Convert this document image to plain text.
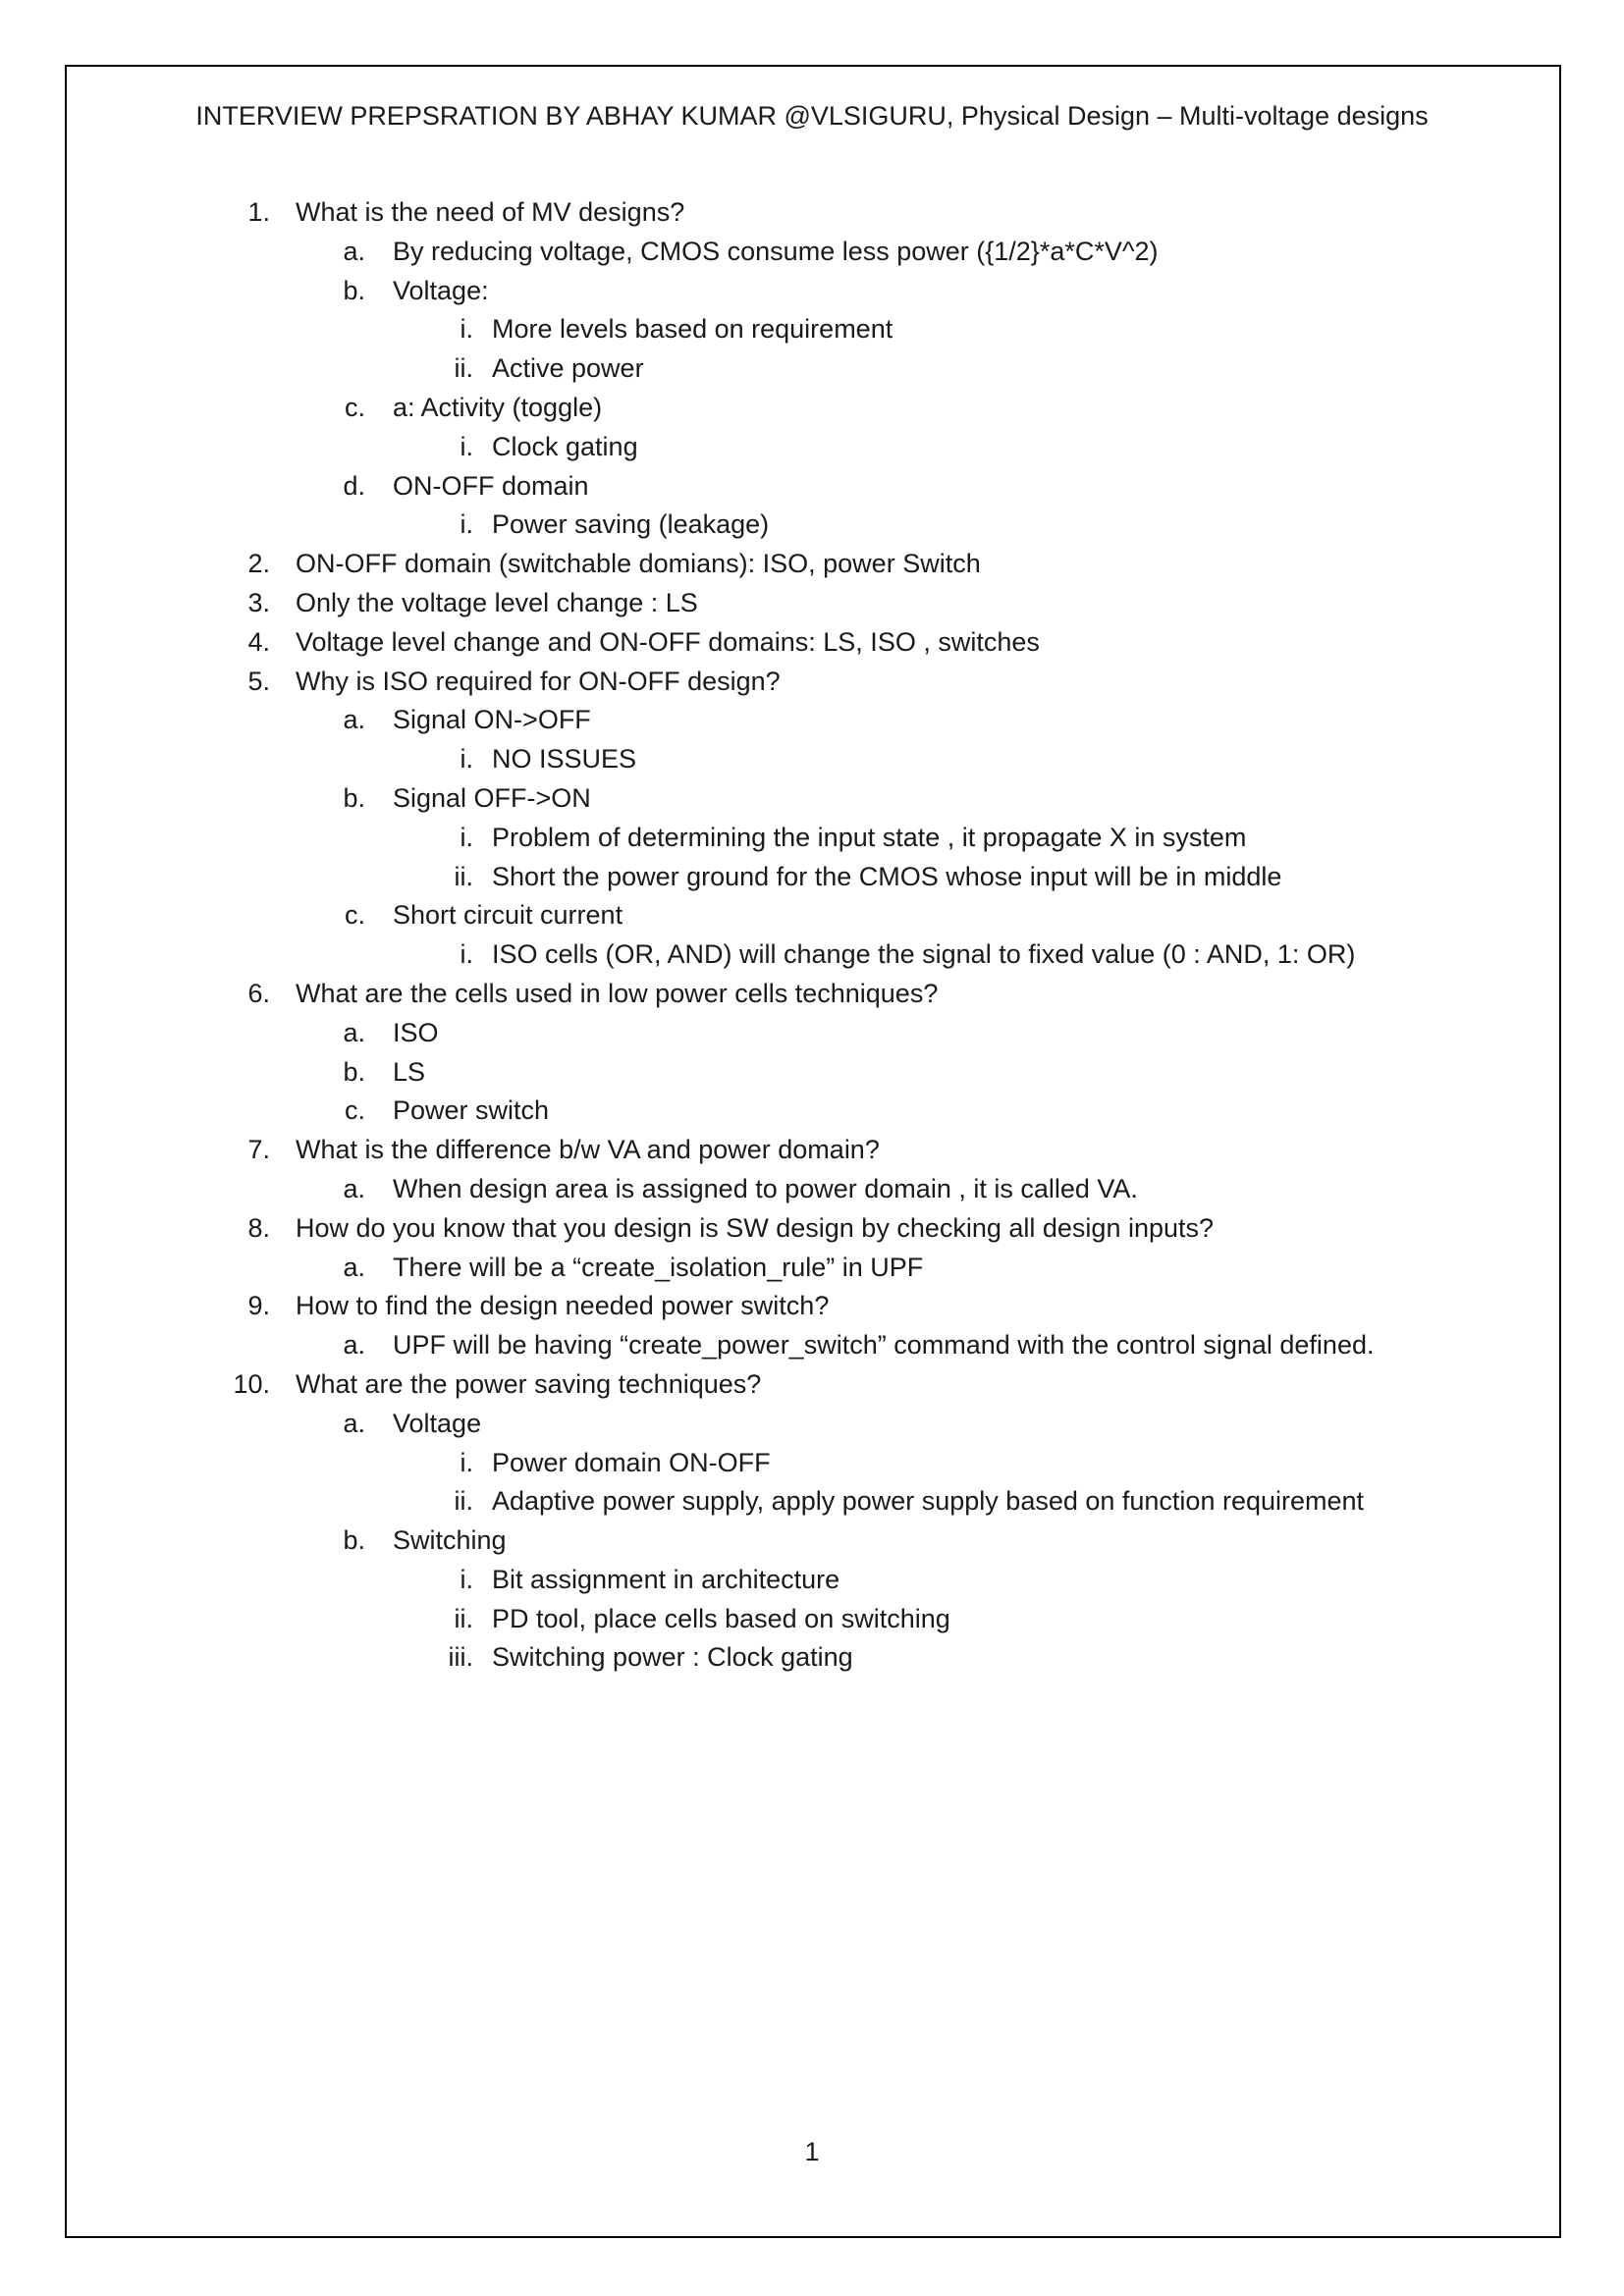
INTERVIEW PREPSRATION BY ABHAY KUMAR @VLSIGURU, Physical Design – Multi-voltage designs
1. What is the need of MV designs?
a. By reducing voltage, CMOS consume less power ({1/2}*a*C*V^2)
b. Voltage:
i. More levels based on requirement
ii. Active power
c. a: Activity (toggle)
i. Clock gating
d. ON-OFF domain
i. Power saving (leakage)
2. ON-OFF domain (switchable domians): ISO, power Switch
3. Only the voltage level change : LS
4. Voltage level change and ON-OFF domains: LS, ISO , switches
5. Why is ISO required for ON-OFF design?
a. Signal ON->OFF
i. NO ISSUES
b. Signal OFF->ON
i. Problem of determining the input state , it propagate X in system
ii. Short the power ground for the CMOS whose input will be in middle
c. Short circuit current
i. ISO cells (OR, AND) will change the signal to fixed value (0 : AND, 1: OR)
6. What are the cells used in low power cells techniques?
a. ISO
b. LS
c. Power switch
7. What is the difference b/w VA and power domain?
a. When design area is assigned to power domain , it is called VA.
8. How do you know that you design is SW design by checking all design inputs?
a. There will be a “create_isolation_rule” in UPF
9. How to find the design needed power switch?
a. UPF will be having “create_power_switch” command with the control signal defined.
10. What are the power saving techniques?
a. Voltage
i. Power domain ON-OFF
ii. Adaptive power supply, apply power supply based on function requirement
b. Switching
i. Bit assignment in architecture
ii. PD tool, place cells based on switching
iii. Switching power : Clock gating
1
